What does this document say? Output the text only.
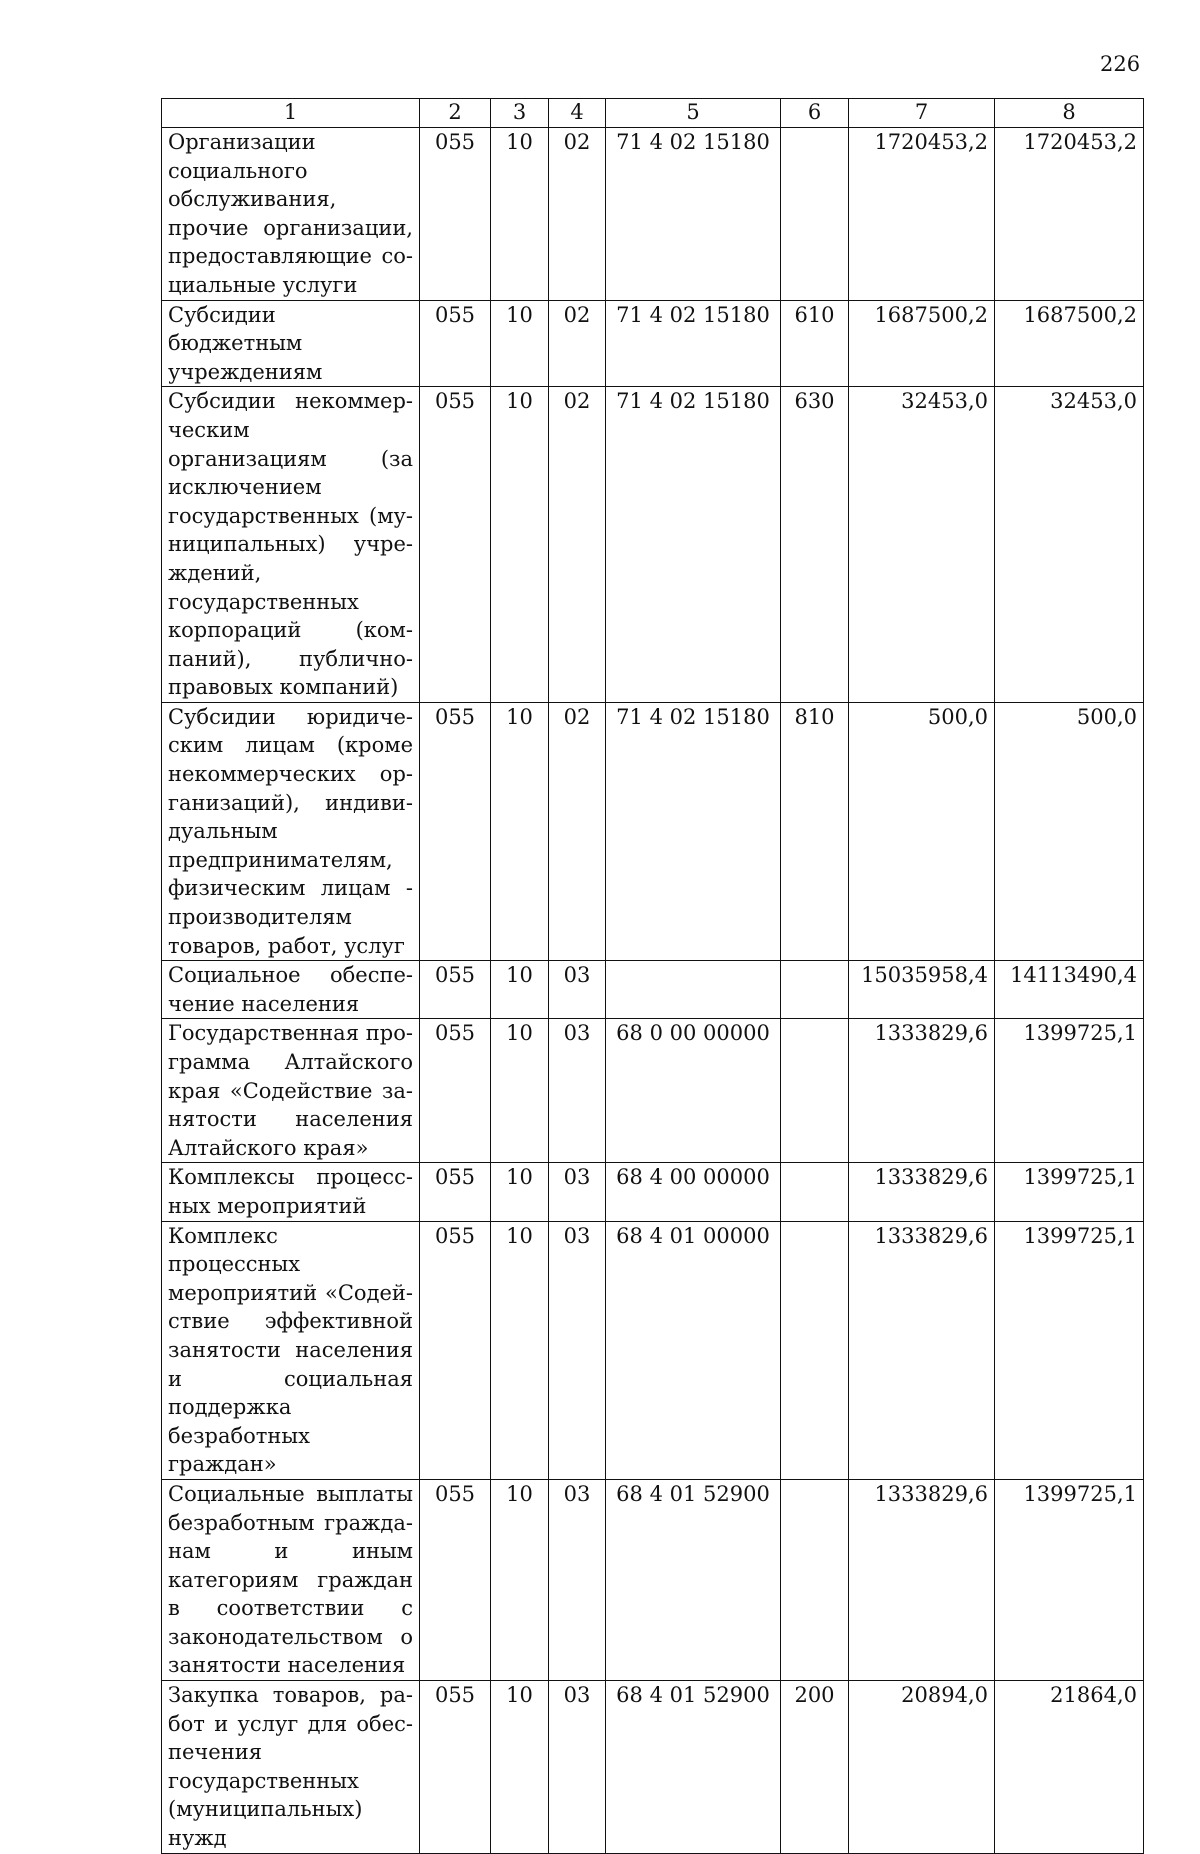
226
1	2	3	4	5	6	7	8
Организации социального обслуживания, прочие организации, предоставляющие социальные услуги	055	10	02	71 4 02 15180		1720453,2	1720453,2
Субсидии бюджетным учреждениям	055	10	02	71 4 02 15180	610	1687500,2	1687500,2
Субсидии некоммерческим организациям (за исключением государственных (муниципальных) учреждений, государственных корпораций (компаний), публично-правовых компаний)	055	10	02	71 4 02 15180	630	32453,0	32453,0
Субсидии юридическим лицам (кроме некоммерческих организаций), индивидуальным предпринимателям, физическим лицам - производителям товаров, работ, услуг	055	10	02	71 4 02 15180	810	500,0	500,0
Социальное обеспечение населения	055	10	03			15035958,4	14113490,4
Государственная программа Алтайского края «Содействие занятости населения Алтайского края»	055	10	03	68 0 00 00000		1333829,6	1399725,1
Комплексы процессных мероприятий	055	10	03	68 4 00 00000		1333829,6	1399725,1
Комплекс процессных мероприятий «Содействие эффективной занятости населения и социальная поддержка безработных граждан»	055	10	03	68 4 01 00000		1333829,6	1399725,1
Социальные выплаты безработным гражданам и иным категориям граждан в соответствии с законодательством о занятости населения	055	10	03	68 4 01 52900		1333829,6	1399725,1
Закупка товаров, работ и услуг для обеспечения государственных (муниципальных) нужд	055	10	03	68 4 01 52900	200	20894,0	21864,0
